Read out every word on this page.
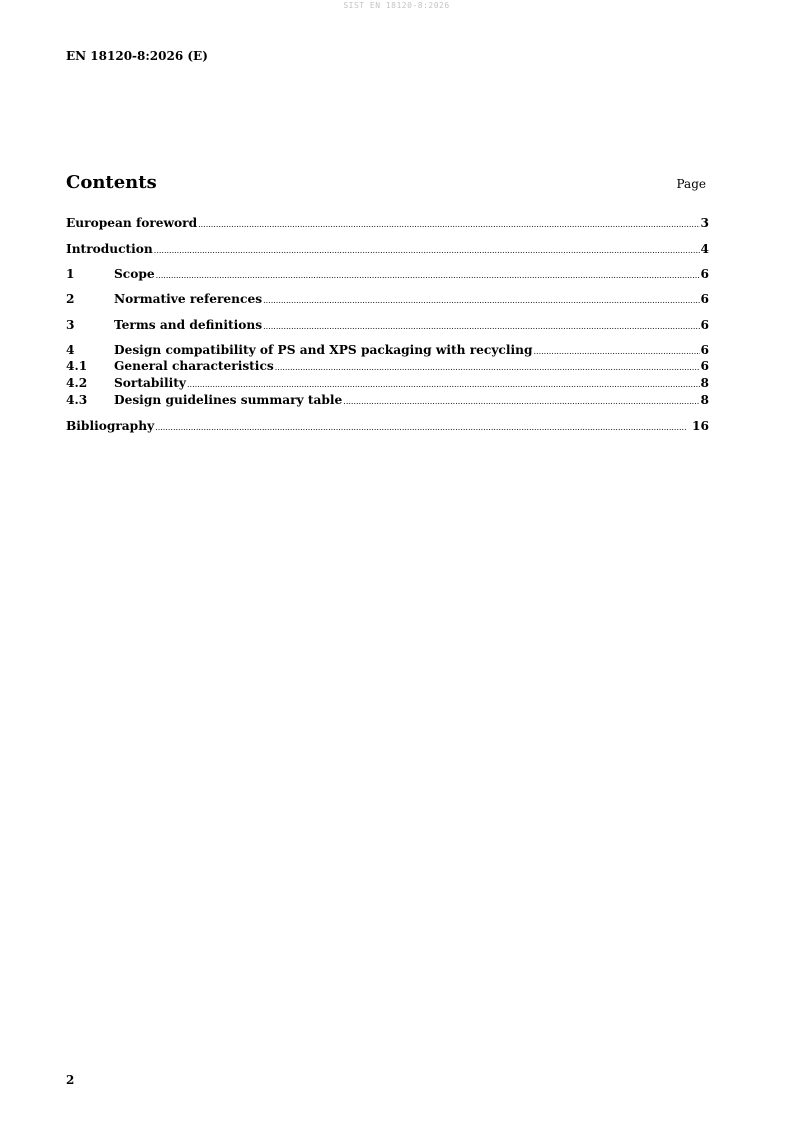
SIST EN 18120-8:2026
EN 18120-8:2026 (E)
Contents	Page
European foreword .....	3
Introduction .....	4
1	Scope .....	6
2	Normative references .....	6
3	Terms and definitions .....	6
4	Design compatibility of PS and XPS packaging with recycling .....	6
4.1	General characteristics .....	6
4.2	Sortability .....	8
4.3	Design guidelines summary table .....	8
Bibliography .....	16
2
